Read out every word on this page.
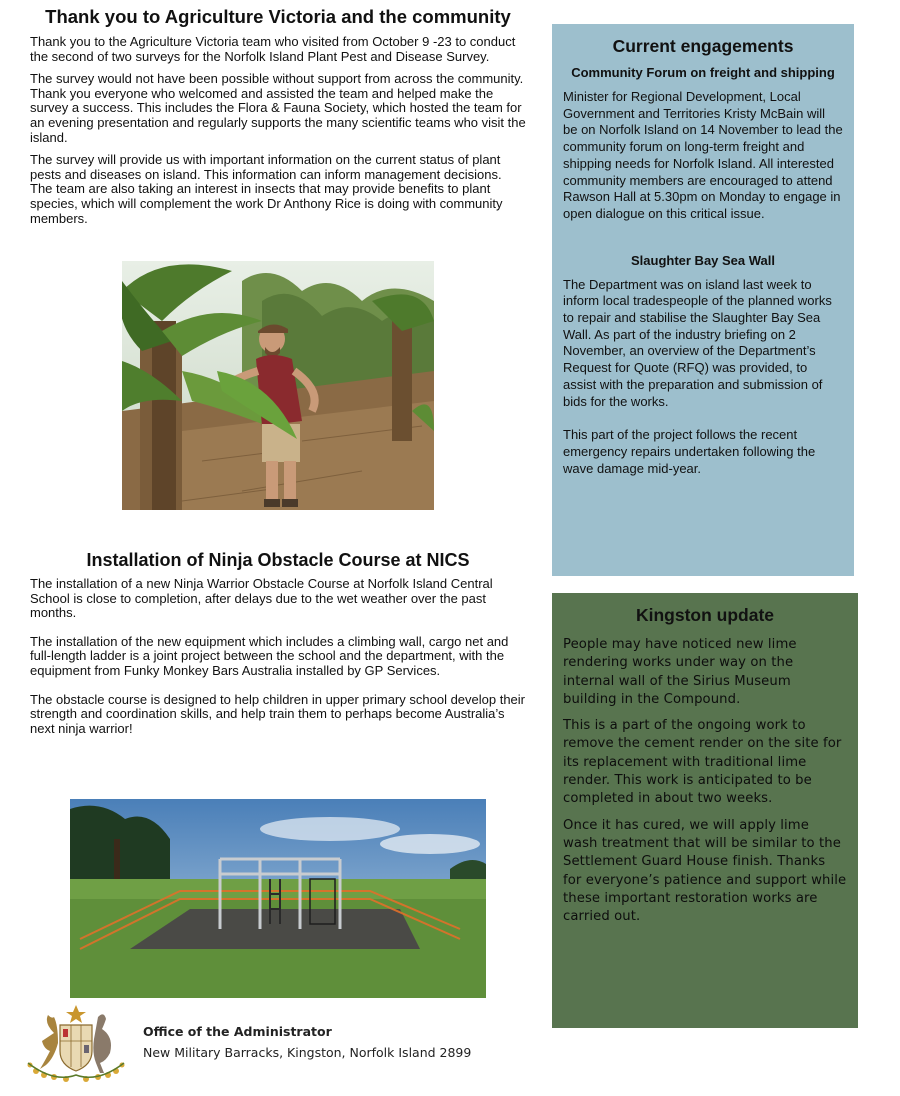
Thank you to Agriculture Victoria and the community

Thank you to the Agriculture Victoria team who visited from October 9 -23 to conduct the second of two surveys for the Norfolk Island Plant Pest and Disease Survey.

The survey would not have been possible without support from across the community. Thank you everyone who welcomed and assisted the team and helped make the survey a success. This includes the Flora & Fauna Society, which hosted the team for an evening presentation and regularly supports the many scientific teams who visit the island.

The survey will provide us with important information on the current status of plant pests and diseases on island. This information can inform management decisions. The team are also taking an interest in insects that may provide benefits to plant species, which will complement the work Dr Anthony Rice is doing with community members.

Installation of Ninja Obstacle Course at NICS

The installation of a new Ninja Warrior Obstacle Course at Norfolk Island Central School is close to completion, after delays due to the wet weather over the past months.

The installation of the new equipment which includes a climbing wall, cargo net and full-length ladder is a joint project between the school and the department, with the equipment from Funky Monkey Bars Australia installed by GP Services.

The obstacle course is designed to help children in upper primary school develop their strength and coordination skills, and help train them to perhaps become Australia’s next ninja warrior!

Current engagements

Community Forum on freight and shipping

Minister for Regional Development, Local Government and Territories Kristy McBain will be on Norfolk Island on 14 November to lead the community forum on long-term freight and shipping needs for Norfolk Island. All interested community members are encouraged to attend Rawson Hall at 5.30pm on Monday to engage in open dialogue on this critical issue.

Slaughter Bay Sea Wall

The Department was on island last week to inform local tradespeople of the planned works to repair and stabilise the Slaughter Bay Sea Wall. As part of the industry briefing on 2 November, an overview of the Department’s Request for Quote (RFQ) was provided, to assist with the preparation and submission of bids for the works.

This part of the project follows the recent emergency repairs undertaken following the wave damage mid-year.

Kingston update

People may have noticed new lime rendering works under way on the internal wall of the Sirius Museum building in the Compound.

This is a part of the ongoing work to remove the cement render on the site for its replacement with traditional lime render. This work is anticipated to be completed in about two weeks.

Once it has cured, we will apply lime wash treatment that will be similar to the Settlement Guard House finish. Thanks for everyone’s patience and support while these important restoration works are carried out.

Office of the Administrator
New Military Barracks, Kingston, Norfolk Island 2899
